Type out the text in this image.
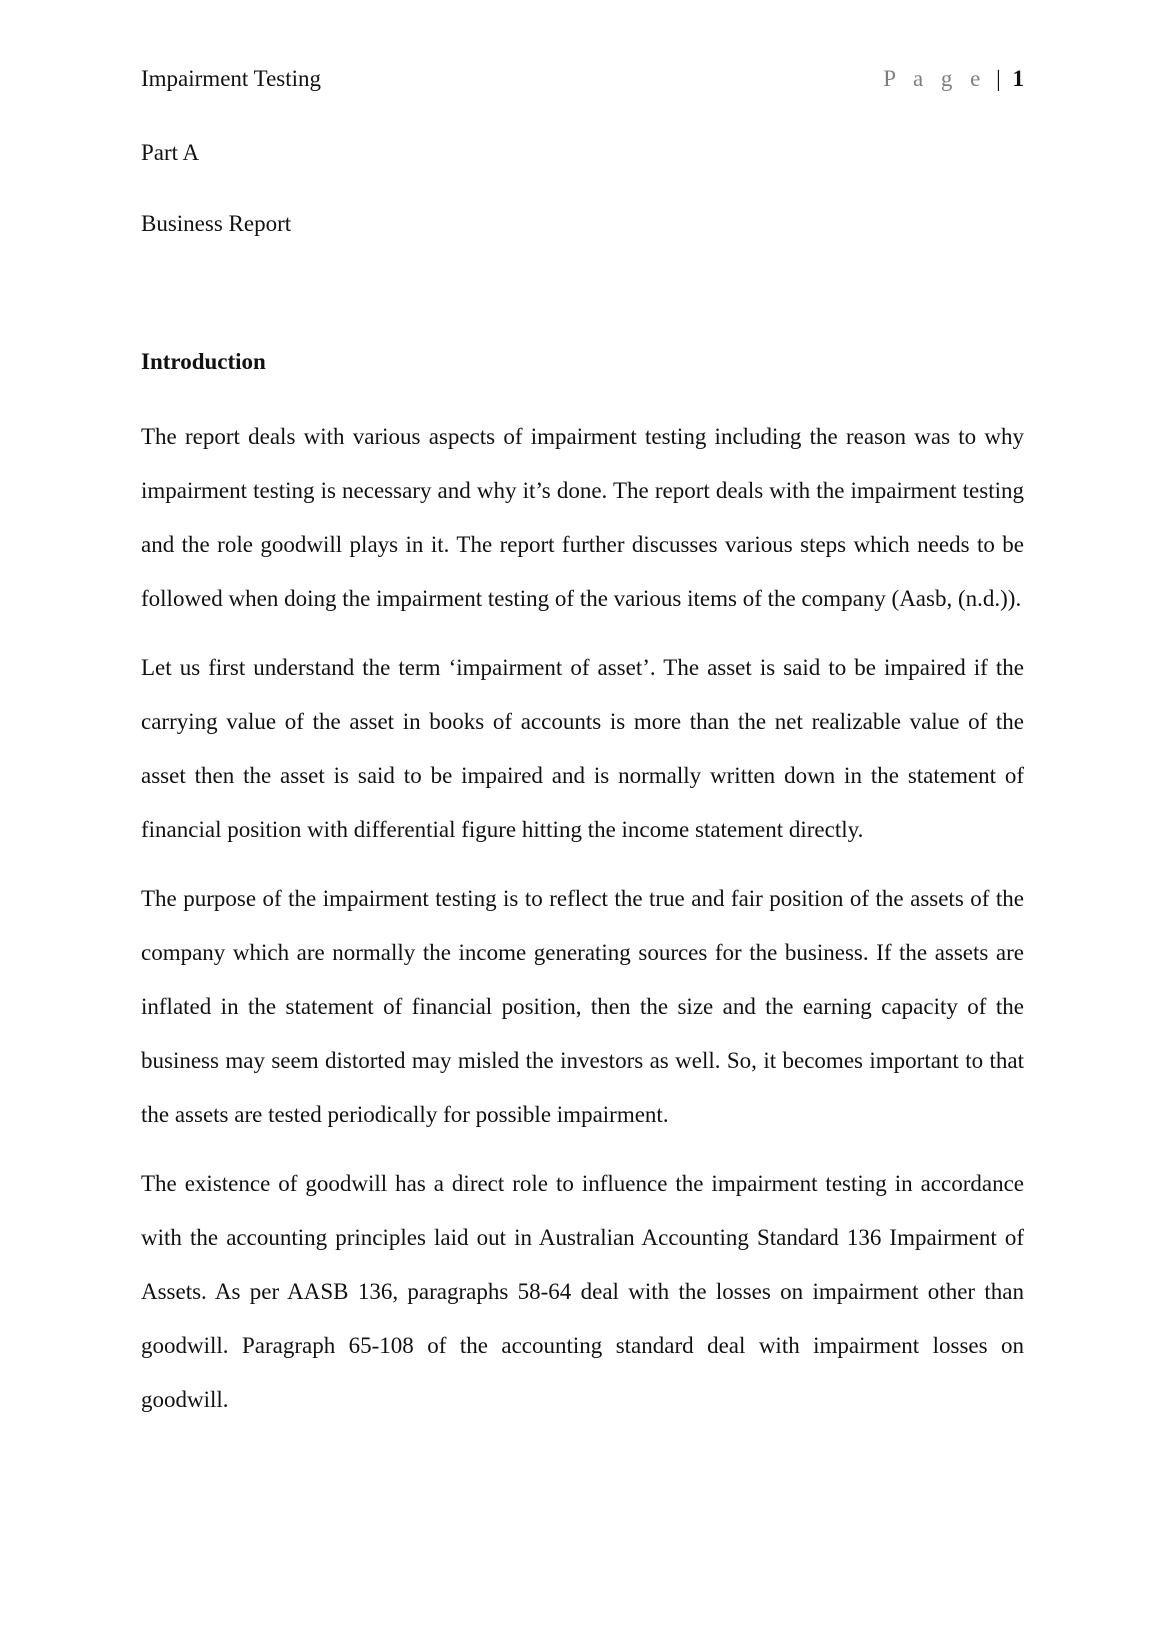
Impairment Testing	P a g e | 1
Part A
Business Report
Introduction

The report deals with various aspects of impairment testing including the reason was to why impairment testing is necessary and why it’s done. The report deals with the impairment testing and the role goodwill plays in it. The report further discusses various steps which needs to be followed when doing the impairment testing of the various items of the company (Aasb, (n.d.)).

Let us first understand the term ‘impairment of asset’. The asset is said to be impaired if the carrying value of the asset in books of accounts is more than the net realizable value of the asset then the asset is said to be impaired and is normally written down in the statement of financial position with differential figure hitting the income statement directly.

The purpose of the impairment testing is to reflect the true and fair position of the assets of the company which are normally the income generating sources for the business. If the assets are inflated in the statement of financial position, then the size and the earning capacity of the business may seem distorted may misled the investors as well. So, it becomes important to that the assets are tested periodically for possible impairment.

The existence of goodwill has a direct role to influence the impairment testing in accordance with the accounting principles laid out in Australian Accounting Standard 136 Impairment of Assets. As per AASB 136, paragraphs 58-64 deal with the losses on impairment other than goodwill. Paragraph 65-108 of the accounting standard deal with impairment losses on goodwill.
